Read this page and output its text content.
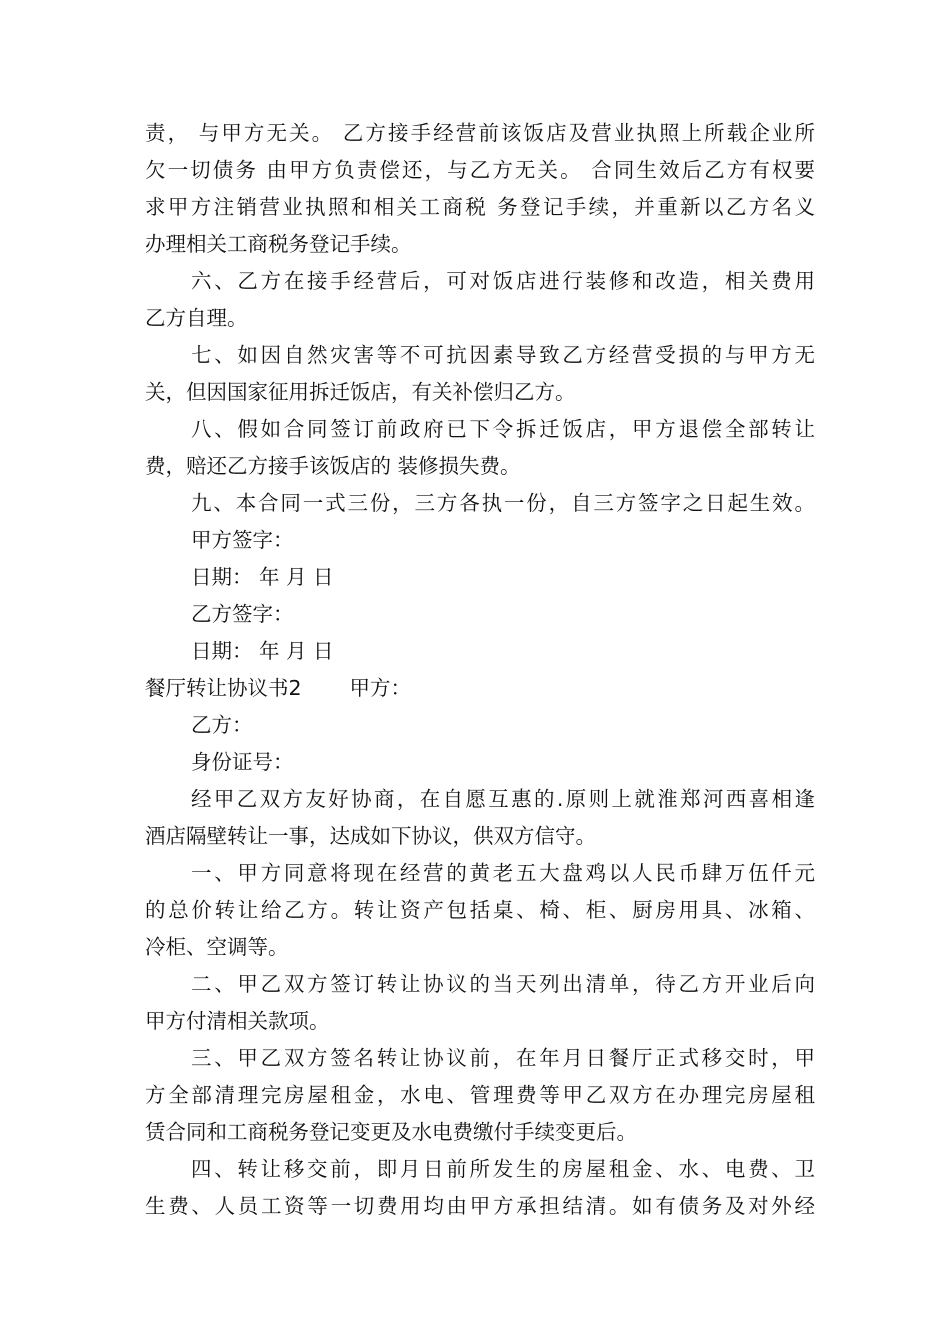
责， 与甲方无关。 乙方接手经营前该饭店及营业执照上所载企业所
欠一切债务 由甲方负责偿还，与乙方无关。 合同生效后乙方有权要
求甲方注销营业执照和相关工商税 务登记手续，并重新以乙方名义
办理相关工商税务登记手续。
六、乙方在接手经营后，可对饭店进行装修和改造，相关费用
乙方自理。
七、如因自然灾害等不可抗因素导致乙方经营受损的与甲方无
关，但因国家征用拆迁饭店，有关补偿归乙方。
八、假如合同签订前政府已下令拆迁饭店，甲方退偿全部转让
费，赔还乙方接手该饭店的 装修损失费。
九、本合同一式三份，三方各执一份，自三方签字之日起生效。
甲方签字：
日期： 年 月 日
乙方签字：
日期： 年 月 日
餐厅转让协议书2 甲方：
乙方：
身份证号：
经甲乙双方友好协商，在自愿互惠的.原则上就淮郑河西喜相逢
酒店隔壁转让一事，达成如下协议，供双方信守。
一、甲方同意将现在经营的黄老五大盘鸡以人民币肆万伍仟元
的总价转让给乙方。转让资产包括桌、椅、柜、厨房用具、冰箱、
冷柜、空调等。
二、甲乙双方签订转让协议的当天列出清单，待乙方开业后向
甲方付清相关款项。
三、甲乙双方签名转让协议前，在年月日餐厅正式移交时，甲
方全部清理完房屋租金，水电、管理费等甲乙双方在办理完房屋租
赁合同和工商税务登记变更及水电费缴付手续变更后。
四、转让移交前，即月日前所发生的房屋租金、水、电费、卫
生费、人员工资等一切费用均由甲方承担结清。如有债务及对外经
